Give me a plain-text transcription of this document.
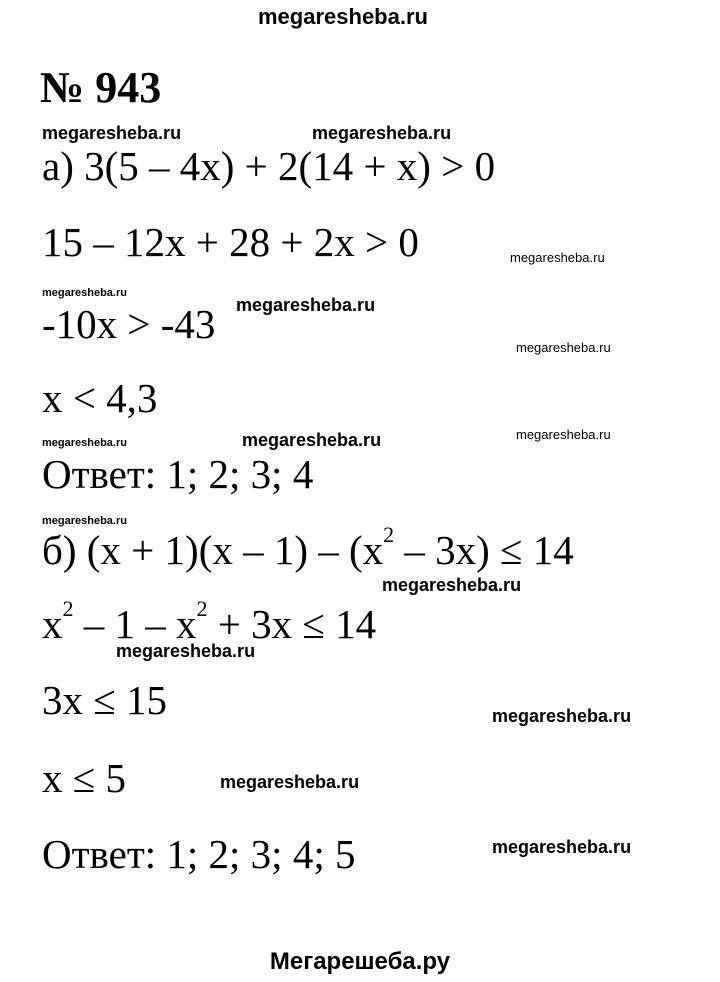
megaresheba.ru
№ 943
megaresheba.ru	megaresheba.ru
а) 3(5 – 4x) + 2(14 + x) > 0
15 – 12x + 28 + 2x > 0	megaresheba.ru
-10x > -43
megaresheba.ru
megaresheba.ru
megaresheba.ru
x < 4,3
megaresheba.ru	megaresheba.ru	megaresheba.ru
Ответ: 1; 2; 3; 4
megaresheba.ru
б) $(x + 1)(x - 1) - (x^2 - 3x) \le 14$
megaresheba.ru
$x^2 - 1 - x^2 + 3x \le 14$
megaresheba.ru
3x ≤ 15	megaresheba.ru
x ≤ 5	megaresheba.ru
Ответ: 1; 2; 3; 4; 5	megaresheba.ru
Мегарешеба.ру
